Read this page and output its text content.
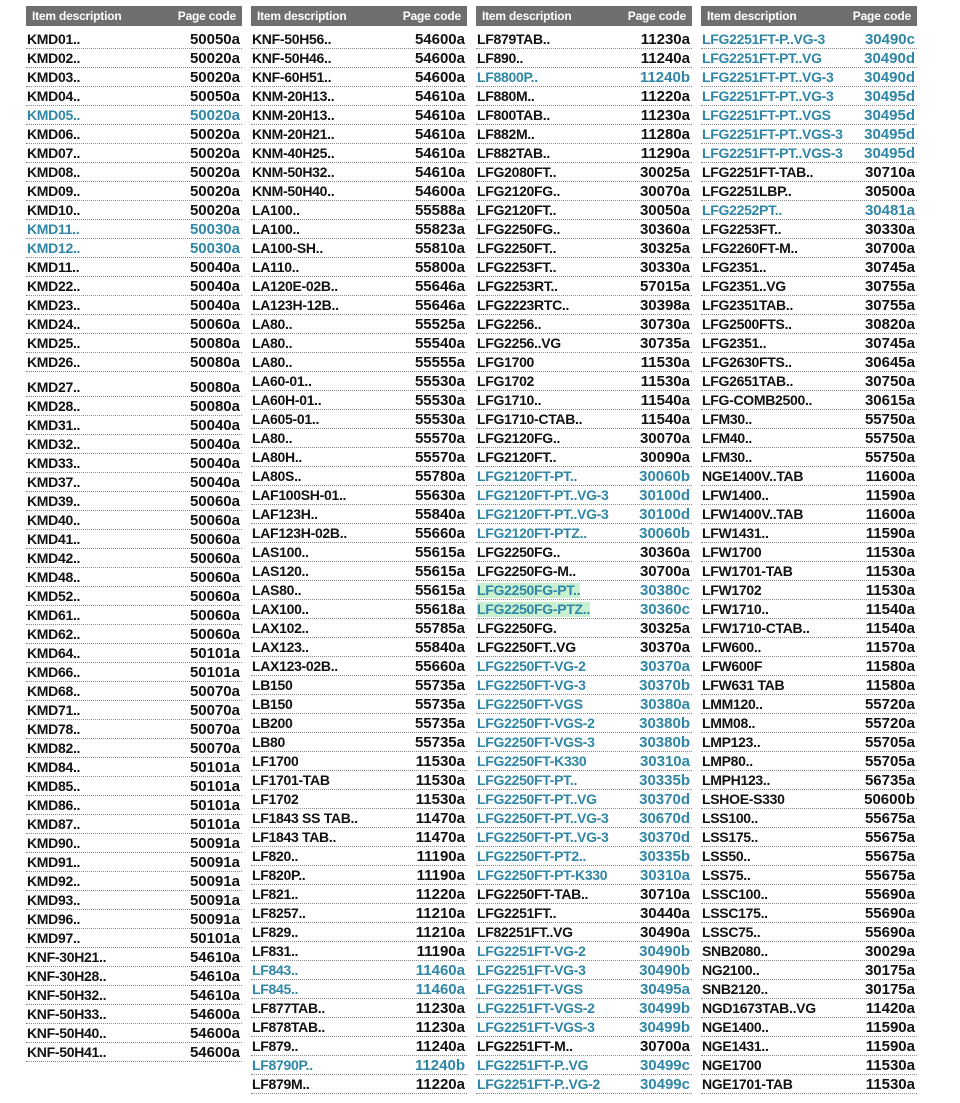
Item description	Page code
KMD01..	50050a
KMD02..	50020a
KMD03..	50020a
KMD04..	50050a
KMD05..	50020a
KMD06..	50020a
KMD07..	50020a
KMD08..	50020a
KMD09..	50020a
KMD10..	50020a
KMD11..	50030a
KMD12..	50030a
KMD11..	50040a
KMD22..	50040a
KMD23..	50040a
KMD24..	50060a
KMD25..	50080a
KMD26..	50080a
KMD27..	50080a
KMD28..	50080a
KMD31..	50040a
KMD32..	50040a
KMD33..	50040a
KMD37..	50040a
KMD39..	50060a
KMD40..	50060a
KMD41..	50060a
KMD42..	50060a
KMD48..	50060a
KMD52..	50060a
KMD61..	50060a
KMD62..	50060a
KMD64..	50101a
KMD66..	50101a
KMD68..	50070a
KMD71..	50070a
KMD78..	50070a
KMD82..	50070a
KMD84..	50101a
KMD85..	50101a
KMD86..	50101a
KMD87..	50101a
KMD90..	50091a
KMD91..	50091a
KMD92..	50091a
KMD93..	50091a
KMD96..	50091a
KMD97..	50101a
KNF-30H21..	54610a
KNF-30H28..	54610a
KNF-50H32..	54610a
KNF-50H33..	54600a
KNF-50H40..	54600a
KNF-50H41..	54600a
Item description	Page code
KNF-50H56..	54600a
KNF-50H46..	54600a
KNF-60H51..	54600a
KNM-20H13..	54610a
KNM-20H13..	54610a
KNM-20H21..	54610a
KNM-40H25..	54610a
KNM-50H32..	54610a
KNM-50H40..	54600a
LA100..	55588a
LA100..	55823a
LA100-SH..	55810a
LA110..	55800a
LA120E-02B..	55646a
LA123H-12B..	55646a
LA80..	55525a
LA80..	55540a
LA80..	55555a
LA60-01..	55530a
LA60H-01..	55530a
LA605-01..	55530a
LA80..	55570a
LA80H..	55570a
LA80S..	55780a
LAF100SH-01..	55630a
LAF123H..	55840a
LAF123H-02B..	55660a
LAS100..	55615a
LAS120..	55615a
LAS80..	55615a
LAX100..	55618a
LAX102..	55785a
LAX123..	55840a
LAX123-02B..	55660a
LB150	55735a
LB150	55735a
LB200	55735a
LB80	55735a
LF1700	11530a
LF1701-TAB	11530a
LF1702	11530a
LF1843 SS TAB..	11470a
LF1843 TAB..	11470a
LF820..	11190a
LF820P..	11190a
LF821..	11220a
LF8257..	11210a
LF829..	11210a
LF831..	11190a
LF843..	11460a
LF845..	11460a
LF877TAB..	11230a
LF878TAB..	11230a
LF879..	11240a
LF8790P..	11240b
LF879M..	11220a
Item description	Page code
LF879TAB..	11230a
LF890..	11240a
LF8800P..	11240b
LF880M..	11220a
LF800TAB..	11230a
LF882M..	11280a
LF882TAB..	11290a
LFG2080FT..	30025a
LFG2120FG..	30070a
LFG2120FT..	30050a
LFG2250FG..	30360a
LFG2250FT..	30325a
LFG2253FT..	30330a
LFG2253RT..	57015a
LFG2223RTC..	30398a
LFG2256..	30730a
LFG2256..VG	30735a
LFG1700	11530a
LFG1702	11530a
LFG1710..	11540a
LFG1710-CTAB..	11540a
LFG2120FG..	30070a
LFG2120FT..	30090a
LFG2120FT-PT..	30060b
LFG2120FT-PT..VG-3 30100d
LFG2120FT-PT..VG-3 30100d
LFG2120FT-PTZ..	30060b
LFG2250FG..	30360a
LFG2250FG-M..	30700a
LFG2250FG-PT..	30380c
LFG2250FG-PTZ..	30360c
LFG2250FG.	30325a
LFG2250FT..VG	30370a
LFG2250FT-VG-2	30370a
LFG2250FT-VG-3	30370b
LFG2250FT-VGS	30380a
LFG2250FT-VGS-2	30380b
LFG2250FT-VGS-3	30380b
LFG2250FT-K330	30310a
LFG2250FT-PT..	30335b
LFG2250FT-PT..VG	30370d
LFG2250FT-PT..VG-3 30670d
LFG2250FT-PT..VG-3 30370d
LFG2250FT-PT2..	30335b
LFG2250FT-PT-K330 30310a
LFG2250FT-TAB..	30710a
LFG2251FT..	30440a
LF82251FT..VG	30490a
LFG2251FT-VG-2	30490b
LFG2251FT-VG-3	30490b
LFG2251FT-VGS	30495a
LFG2251FT-VGS-2	30499b
LFG2251FT-VGS-3	30499b
LFG2251FT-M..	30700a
LFG2251FT-P..VG	30499c
LFG2251FT-P..VG-2	30499c
Item description	Page code
LFG2251FT-P..VG-3	30490c
LFG2251FT-PT..VG	30490d
LFG2251FT-PT..VG-3 30490d
LFG2251FT-PT..VG-3 30495d
LFG2251FT-PT..VGS 30495d
LFG2251FT-PT..VGS-3 30495d
LFG2251FT-PT..VGS-3 30495d
LFG2251FT-TAB..	30710a
LFG2251LBP..	30500a
LFG2252PT..	30481a
LFG2253FT..	30330a
LFG2260FT-M..	30700a
LFG2351..	30745a
LFG2351..VG	30755a
LFG2351TAB..	30755a
LFG2500FTS..	30820a
LFG2351..	30745a
LFG2630FTS..	30645a
LFG2651TAB..	30750a
LFG-COMB2500..	30615a
LFM30..	55750a
LFM40..	55750a
LFM30..	55750a
NGE1400V..TAB	11600a
LFW1400..	11590a
LFW1400V..TAB	11600a
LFW1431..	11590a
LFW1700	11530a
LFW1701-TAB	11530a
LFW1702	11530a
LFW1710..	11540a
LFW1710-CTAB..	11540a
LFW600..	11570a
LFW600F	11580a
LFW631 TAB	11580a
LMM120..	55720a
LMM08..	55720a
LMP123..	55705a
LMP80..	55705a
LMPH123..	56735a
LSHOE-S330	50600b
LSS100..	55675a
LSS175..	55675a
LSS50..	55675a
LSS75..	55675a
LSSC100..	55690a
LSSC175..	55690a
LSSC75..	55690a
SNB2080..	30029a
NG2100..	30175a
SNB2120..	30175a
NGD1673TAB..VG	11420a
NGE1400..	11590a
NGE1431..	11590a
NGE1700	11530a
NGE1701-TAB	11530a
